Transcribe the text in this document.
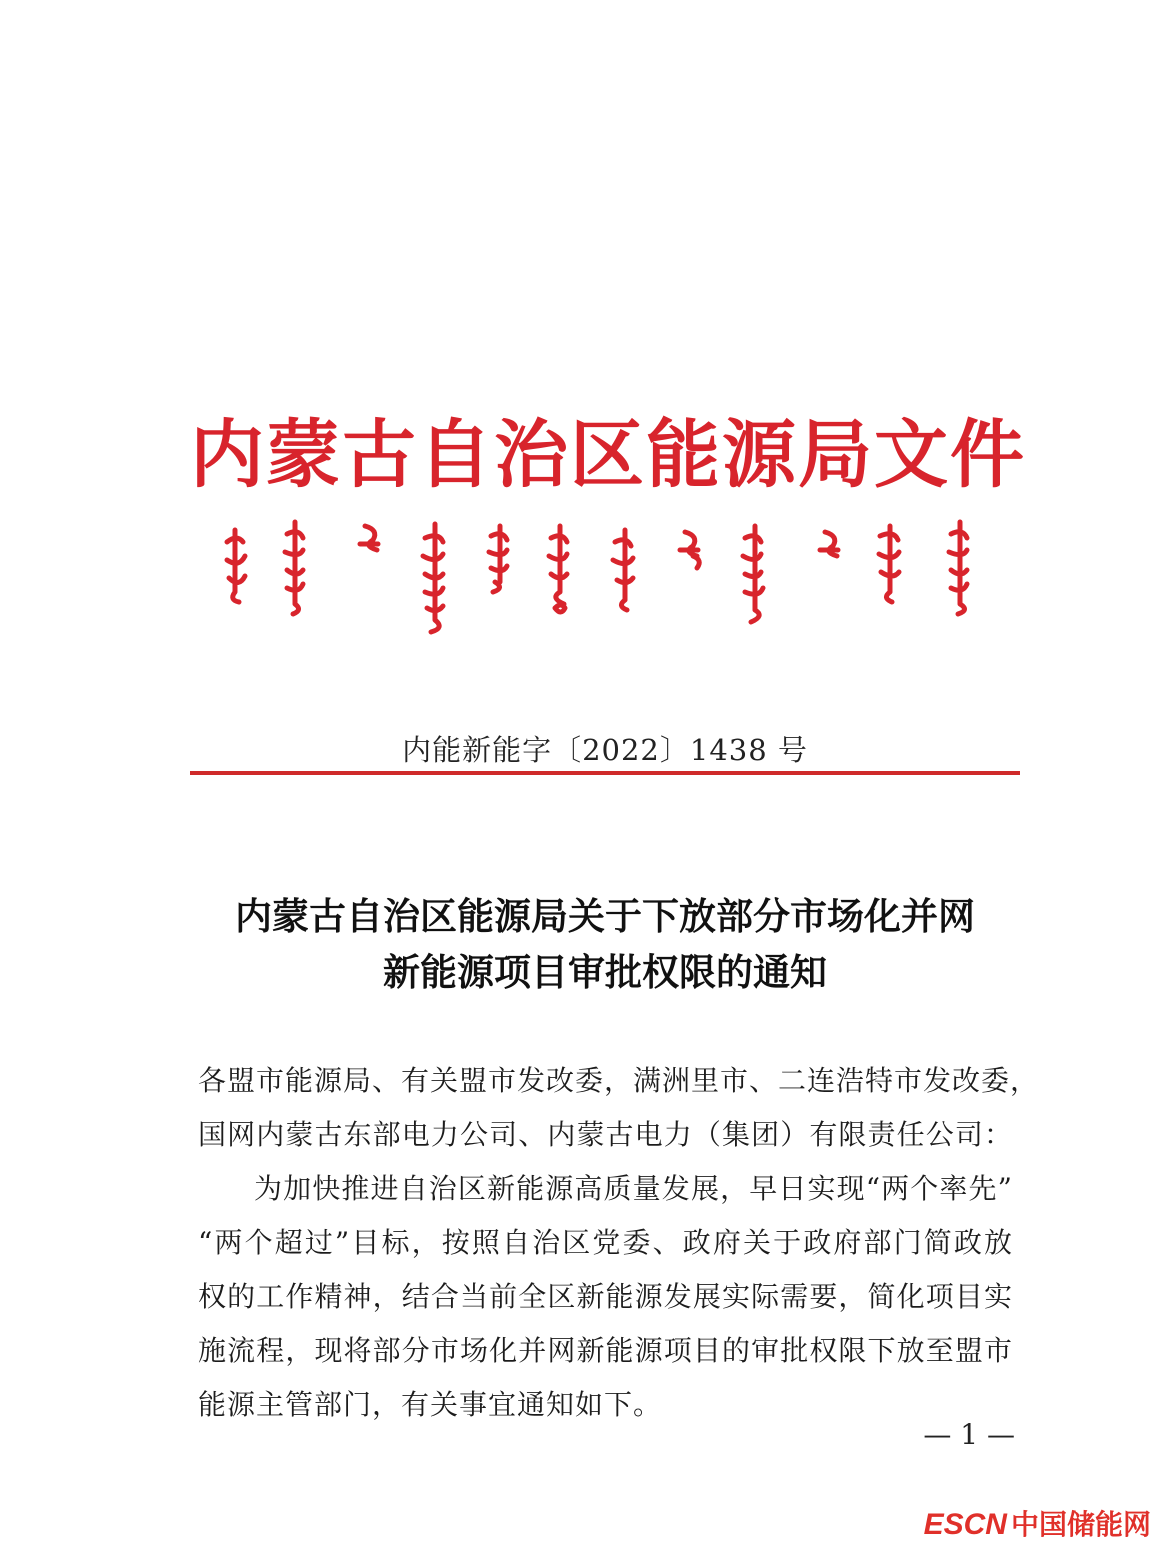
内蒙古自治区能源局文件
内能新能字〔2022〕1438 号
内蒙古自治区能源局关于下放部分市场化并网
新能源项目审批权限的通知
各盟市能源局、有关盟市发改委，满洲里市、二连浩特市发改委，
国网内蒙古东部电力公司、内蒙古电力（集团）有限责任公司：
为加快推进自治区新能源高质量发展，早日实现“两个率先”
“两个超过”目标，按照自治区党委、政府关于政府部门简政放
权的工作精神，结合当前全区新能源发展实际需要，简化项目实
施流程，现将部分市场化并网新能源项目的审批权限下放至盟市
能源主管部门，有关事宜通知如下。
— 1 —
ESCN 中国储能网
